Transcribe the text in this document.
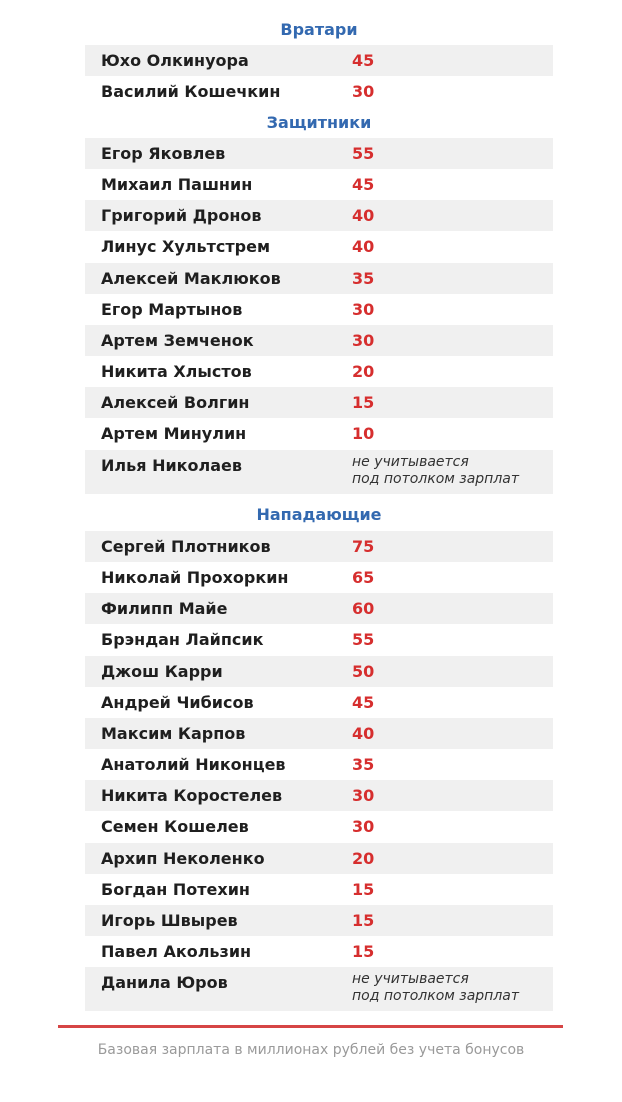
Базовая зарплата в миллионах рублей без учета бонусов
Вратари
Юхо Олкинуора	45
Василий Кошечкин	30
Защитники
Егор Яковлев	55
Михаил Пашнин	45
Григорий Дронов	40
Линус Хультстрем	40
Алексей Маклюков	35
Егор Мартынов	30
Артем Земченок	30
Никита Хлыстов	20
Алексей Волгин	15
Артем Минулин	10
Илья Николаев	не учитывается
под потолком зарплат
Нападающие
Сергей Плотников	75
Николай Прохоркин	65
Филипп Майе	60
Брэндан Лайпсик	55
Джош Карри	50
Андрей Чибисов	45
Максим Карпов	40
Анатолий Никонцев	35
Никита Коростелев	30
Семен Кошелев	30
Архип Неколенко	20
Богдан Потехин	15
Игорь Швырев	15
Павел Акользин	15
Данила Юров	не учитывается
под потолком зарплат
